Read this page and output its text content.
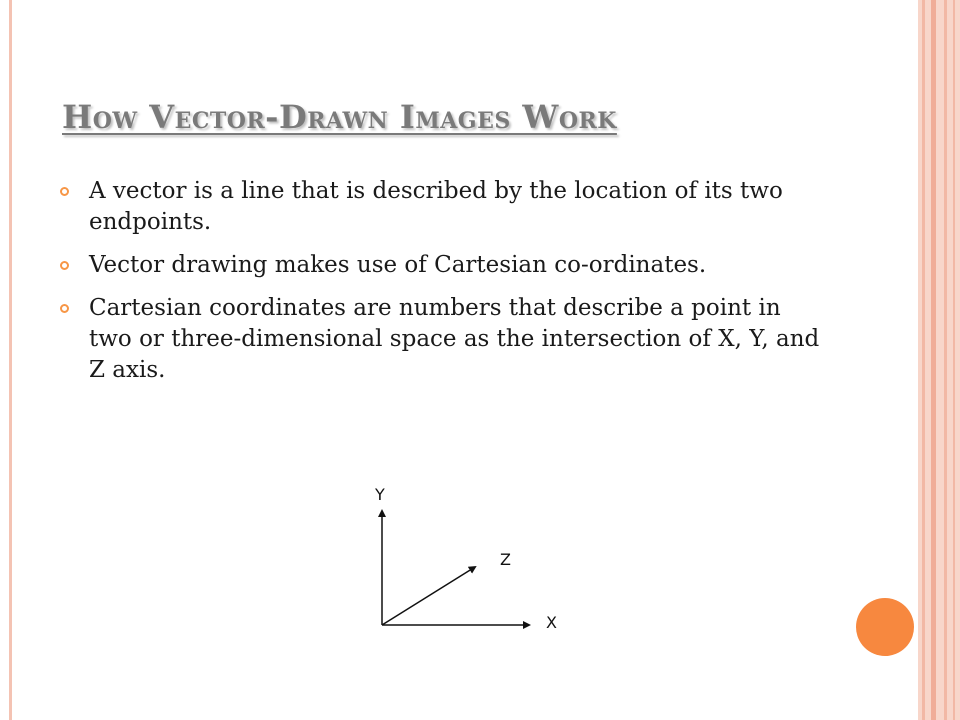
How Vector-Drawn Images Work
A vector is a line that is described by the location of its two endpoints.
Vector drawing makes use of Cartesian co-ordinates.
Cartesian coordinates are numbers that describe a point in two or three-dimensional space as the intersection of X, Y, and Z axis.
Y
Z
X
